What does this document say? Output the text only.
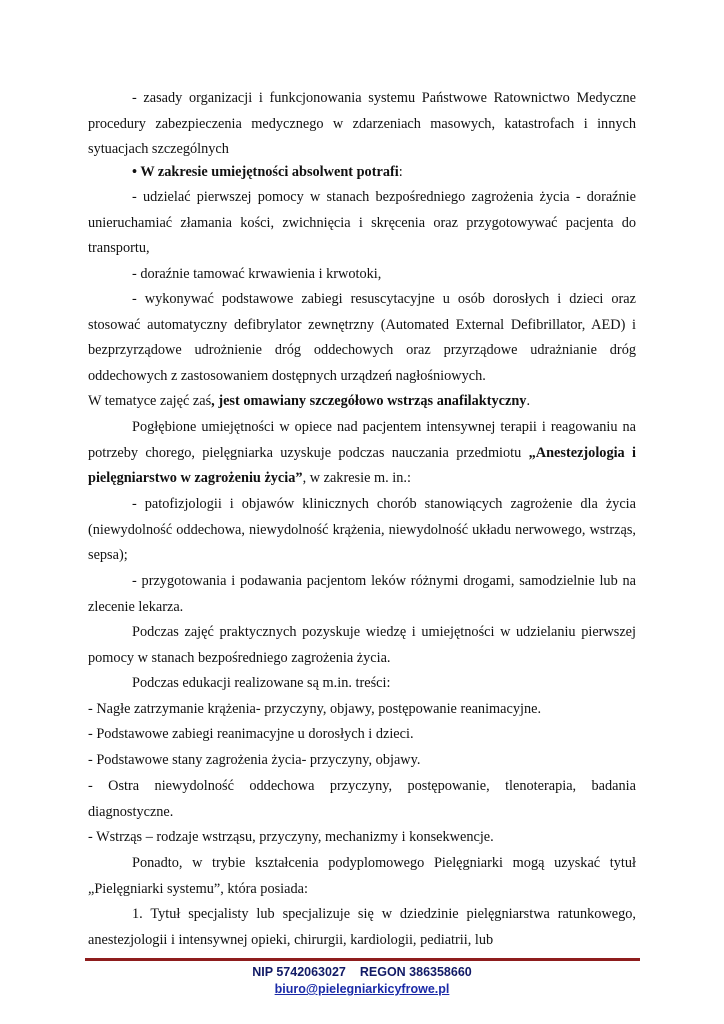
- zasady organizacji i funkcjonowania systemu Państwowe Ratownictwo Medyczne procedury zabezpieczenia medycznego w zdarzeniach masowych, katastrofach i innych sytuacjach szczególnych

• W zakresie umiejętności absolwent potrafi:

- udzielać pierwszej pomocy w stanach bezpośredniego zagrożenia życia - doraźnie unieruchamiać złamania kości, zwichnięcia i skręcenia oraz przygotowywać pacjenta do transportu,

- doraźnie tamować krwawienia i krwotoki,

- wykonywać podstawowe zabiegi resuscytacyjne u osób dorosłych i dzieci oraz stosować automatyczny defibrylator zewnętrzny (Automated External Defibrillator, AED) i bezprzyrządowe udrożnienie dróg oddechowych oraz przyrządowe udrażnianie dróg oddechowych z zastosowaniem dostępnych urządzeń nagłośniowych.

W tematyce zajęć zaś, jest omawiany szczegółowo wstrząs anafilaktyczny.

Pogłębione umiejętności w opiece nad pacjentem intensywnej terapii i reagowaniu na potrzeby chorego, pielęgniarka uzyskuje podczas nauczania przedmiotu „Anestezjologia i pielęgniarstwo w zagrożeniu życia”, w zakresie m. in.:

- patofizjologii i objawów klinicznych chorób stanowiących zagrożenie dla życia (niewydolność oddechowa, niewydolność krążenia, niewydolność układu nerwowego, wstrząs, sepsa);

- przygotowania i podawania pacjentom leków różnymi drogami, samodzielnie lub na zlecenie lekarza.

Podczas zajęć praktycznych pozyskuje wiedzę i umiejętności w udzielaniu pierwszej pomocy w stanach bezpośredniego zagrożenia życia.

Podczas edukacji realizowane są m.in. treści:

- Nagłe zatrzymanie krążenia- przyczyny, objawy, postępowanie reanimacyjne.

- Podstawowe zabiegi reanimacyjne u dorosłych i dzieci.

- Podstawowe stany zagrożenia życia- przyczyny, objawy.

- Ostra niewydolność oddechowa przyczyny, postępowanie, tlenoterapia, badania diagnostyczne.

- Wstrząs – rodzaje wstrząsu, przyczyny, mechanizmy i konsekwencje.

Ponadto, w trybie kształcenia podyplomowego Pielęgniarki mogą uzyskać tytuł „Pielęgniarki systemu”, która posiada:

1. Tytuł specjalisty lub specjalizuje się w dziedzinie pielęgniarstwa ratunkowego, anestezjologii i intensywnej opieki, chirurgii, kardiologii, pediatrii, lub

NIP 5742063027 REGON 386358660
biuro@pielegniarkicyfrowe.pl
